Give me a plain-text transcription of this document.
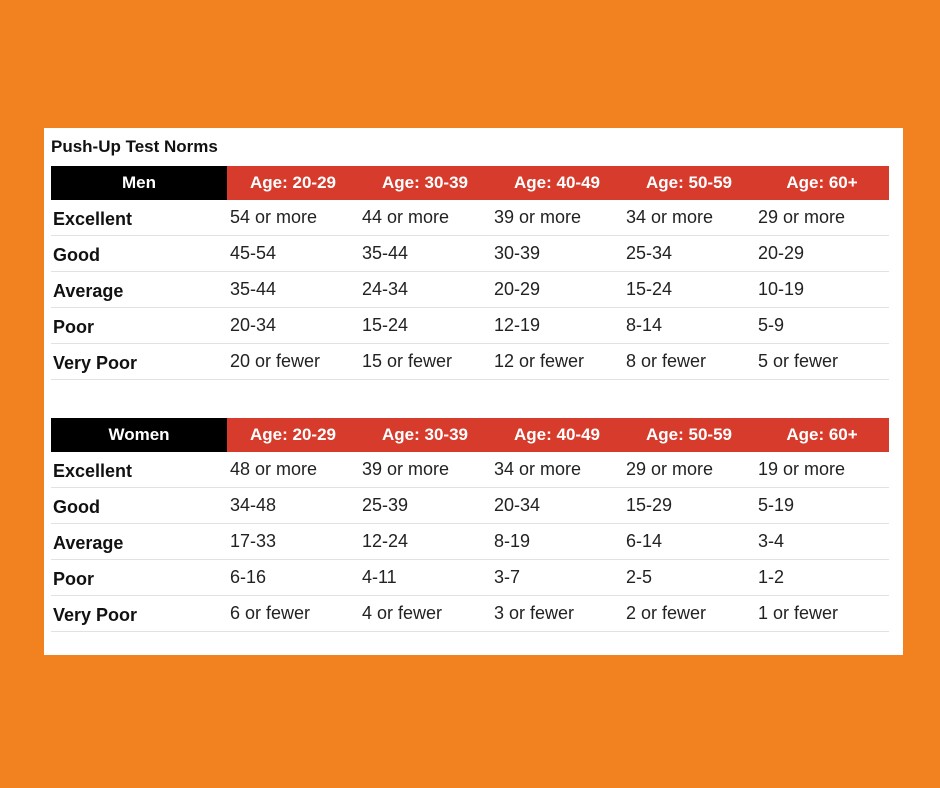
Push-Up Test Norms
Men	Age: 20-29	Age: 30-39	Age: 40-49	Age: 50-59	Age: 60+
Excellent	54 or more	44 or more	39 or more	34 or more	29 or more
Good	45-54	35-44	30-39	25-34	20-29
Average	35-44	24-34	20-29	15-24	10-19
Poor	20-34	15-24	12-19	8-14	5-9
Very Poor	20 or fewer	15 or fewer	12 or fewer	8 or fewer	5 or fewer
Women	Age: 20-29	Age: 30-39	Age: 40-49	Age: 50-59	Age: 60+
Excellent	48 or more	39 or more	34 or more	29 or more	19 or more
Good	34-48	25-39	20-34	15-29	5-19
Average	17-33	12-24	8-19	6-14	3-4
Poor	6-16	4-11	3-7	2-5	1-2
Very Poor	6 or fewer	4 or fewer	3 or fewer	2 or fewer	1 or fewer
